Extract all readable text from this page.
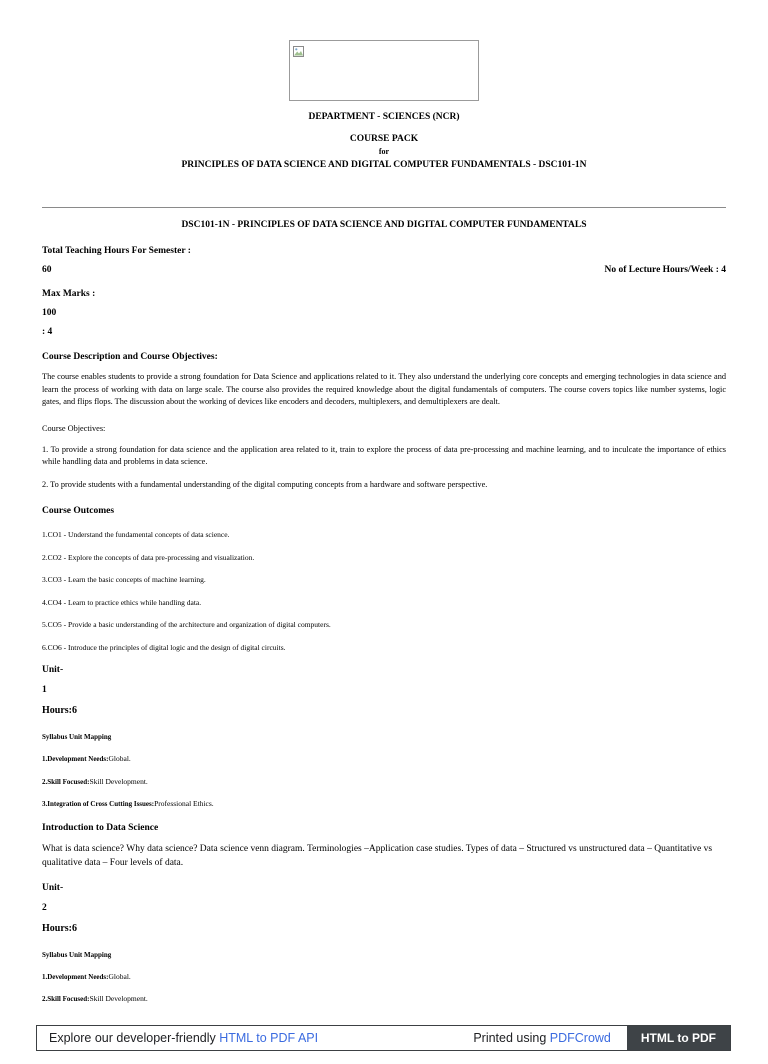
DEPARTMENT - SCIENCES (NCR)
COURSE PACK
for
PRINCIPLES OF DATA SCIENCE AND DIGITAL COMPUTER FUNDAMENTALS - DSC101-1N
DSC101-1N - PRINCIPLES OF DATA SCIENCE AND DIGITAL COMPUTER FUNDAMENTALS
Total Teaching Hours For Semester :
60	No of Lecture Hours/Week : 4
Max Marks :
100
: 4
Course Description and Course Objectives:
The course enables students to provide a strong foundation for Data Science and applications related to it. They also understand the underlying core concepts and emerging technologies in data science and learn the process of working with data on large scale. The course also provides the required knowledge about the digital fundamentals of computers. The course covers topics like number systems, logic gates, and flips flops. The discussion about the working of devices like encoders and decoders, multiplexers, and demultiplexers are dealt.
Course Objectives:
1. To provide a strong foundation for data science and the application area related to it, train to explore the process of data pre-processing and machine learning, and to inculcate the importance of ethics while handling data and problems in data science.
2. To provide students with a fundamental understanding of the digital computing concepts from a hardware and software perspective.
Course Outcomes
1.CO1 - Understand the fundamental concepts of data science.
2.CO2 - Explore the concepts of data pre-processing and visualization.
3.CO3 - Learn the basic concepts of machine learning.
4.CO4 - Learn to practice ethics while handling data.
5.CO5 - Provide a basic understanding of the architecture and organization of digital computers.
6.CO6 - Introduce the principles of digital logic and the design of digital circuits.
Unit-
1
Hours:6
Syllabus Unit Mapping
1.Development Needs:Global.
2.Skill Focused:Skill Development.
3.Integration of Cross Cutting Issues:Professional Ethics.
Introduction to Data Science
What is data science? Why data science? Data science venn diagram. Terminologies –Application case studies. Types of data – Structured vs unstructured data – Quantitative vs qualitative data – Four levels of data.
Unit-
2
Hours:6
Syllabus Unit Mapping
1.Development Needs:Global.
2.Skill Focused:Skill Development.
Explore our developer-friendly HTML to PDF API	Printed using PDFCrowd	HTML to PDF
